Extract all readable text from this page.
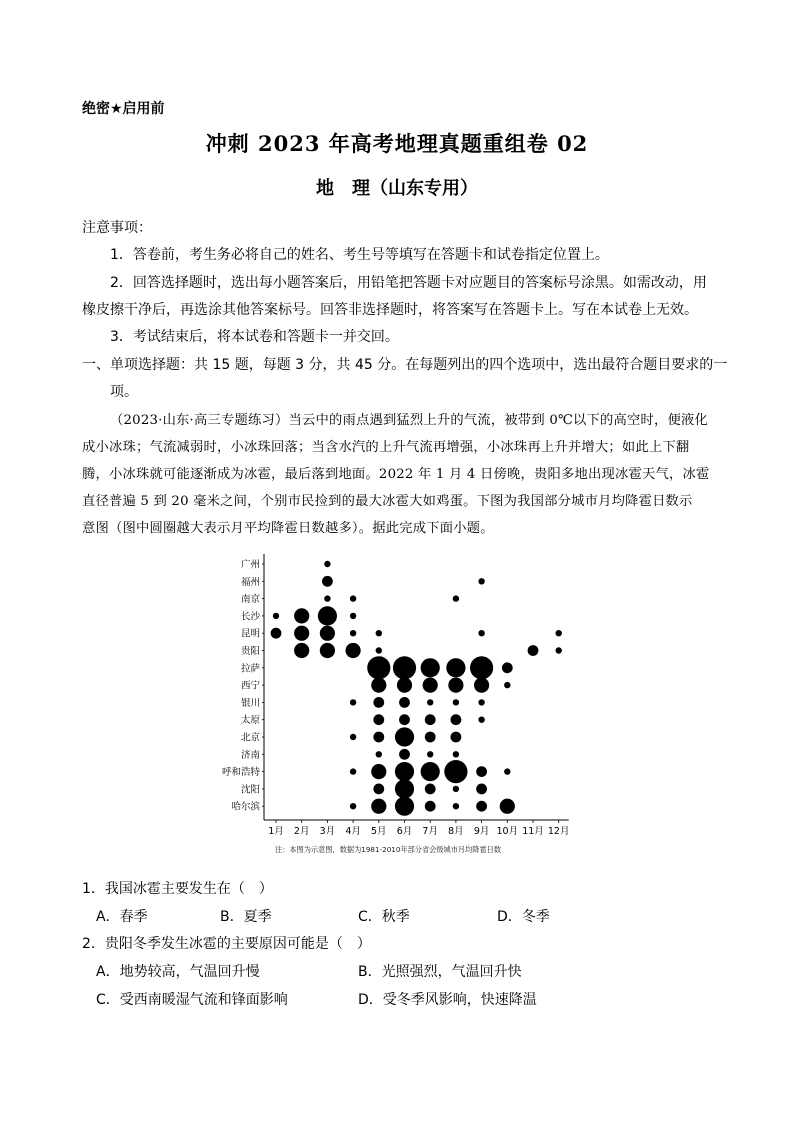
绝密★启用前
冲刺 2023 年高考地理真题重组卷 02
地　理（山东专用）
注意事项：
1．答卷前，考生务必将自己的姓名、考生号等填写在答题卡和试卷指定位置上。
2．回答选择题时，选出每小题答案后，用铅笔把答题卡对应题目的答案标号涂黑。如需改动，用
橡皮擦干净后，再选涂其他答案标号。回答非选择题时，将答案写在答题卡上。写在本试卷上无效。
3．考试结束后，将本试卷和答题卡一并交回。
一、单项选择题：共 15 题，每题 3 分，共 45 分。在每题列出的四个选项中，选出最符合题目要求的一
项。
（2023·山东·高三专题练习）当云中的雨点遇到猛烈上升的气流，被带到 0℃以下的高空时，便液化
成小冰珠；气流减弱时，小冰珠回落；当含水汽的上升气流再增强，小冰珠再上升并增大；如此上下翻
腾，小冰珠就可能逐渐成为冰雹，最后落到地面。2022 年 1 月 4 日傍晚，贵阳多地出现冰雹天气，冰雹
直径普遍 5 到 20 毫米之间，个别市民捡到的最大冰雹大如鸡蛋。下图为我国部分城市月均降雹日数示
意图（图中圆圈越大表示月平均降雹日数越多）。据此完成下面小题。
广州
福州
南京
长沙
昆明
贵阳
拉萨
西宁
银川
太原
北京
济南
呼和浩特
沈阳
哈尔滨
1月 2月 3月 4月 5月 6月 7月 8月 9月 10月 11月 12月
注：本图为示意图，数据为1981-2010年部分省会级城市月均降雹日数
1．我国冰雹主要发生在（　）
A．春季	B．夏季	C．秋季	D．冬季
2．贵阳冬季发生冰雹的主要原因可能是（　）
A．地势较高，气温回升慢	B．光照强烈，气温回升快
C．受西南暖湿气流和锋面影响	D．受冬季风影响，快速降温
